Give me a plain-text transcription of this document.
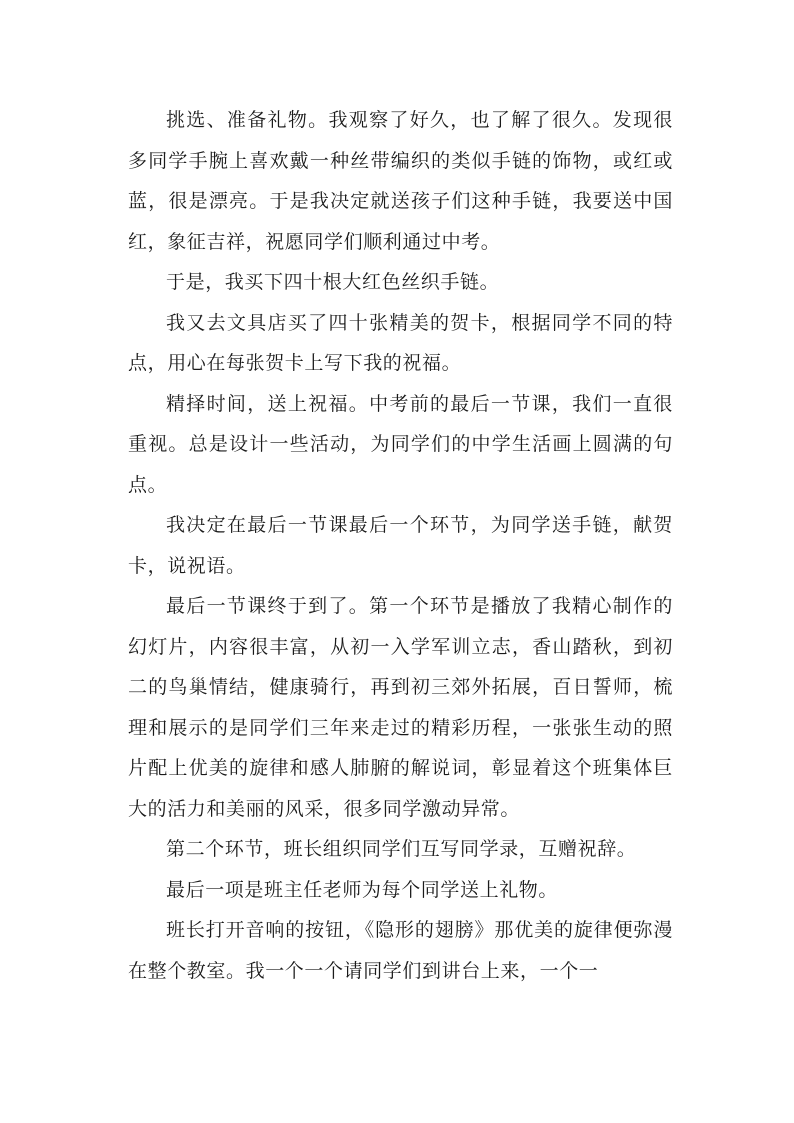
挑选、准备礼物。我观察了好久，也了解了很久。发现很多同学手腕上喜欢戴一种丝带编织的类似手链的饰物，或红或蓝，很是漂亮。于是我决定就送孩子们这种手链，我要送中国红，象征吉祥，祝愿同学们顺利通过中考。

于是，我买下四十根大红色丝织手链。

我又去文具店买了四十张精美的贺卡，根据同学不同的特点，用心在每张贺卡上写下我的祝福。

精择时间，送上祝福。中考前的最后一节课，我们一直很重视。总是设计一些活动，为同学们的中学生活画上圆满的句点。

我决定在最后一节课最后一个环节，为同学送手链，献贺卡，说祝语。

最后一节课终于到了。第一个环节是播放了我精心制作的幻灯片，内容很丰富，从初一入学军训立志，香山踏秋，到初二的鸟巢情结，健康骑行，再到初三郊外拓展，百日誓师，梳理和展示的是同学们三年来走过的精彩历程，一张张生动的照片配上优美的旋律和感人肺腑的解说词，彰显着这个班集体巨大的活力和美丽的风采，很多同学激动异常。

第二个环节，班长组织同学们互写同学录，互赠祝辞。

最后一项是班主任老师为每个同学送上礼物。

班长打开音响的按钮，《隐形的翅膀》那优美的旋律便弥漫在整个教室。我一个一个请同学们到讲台上来，一个一
